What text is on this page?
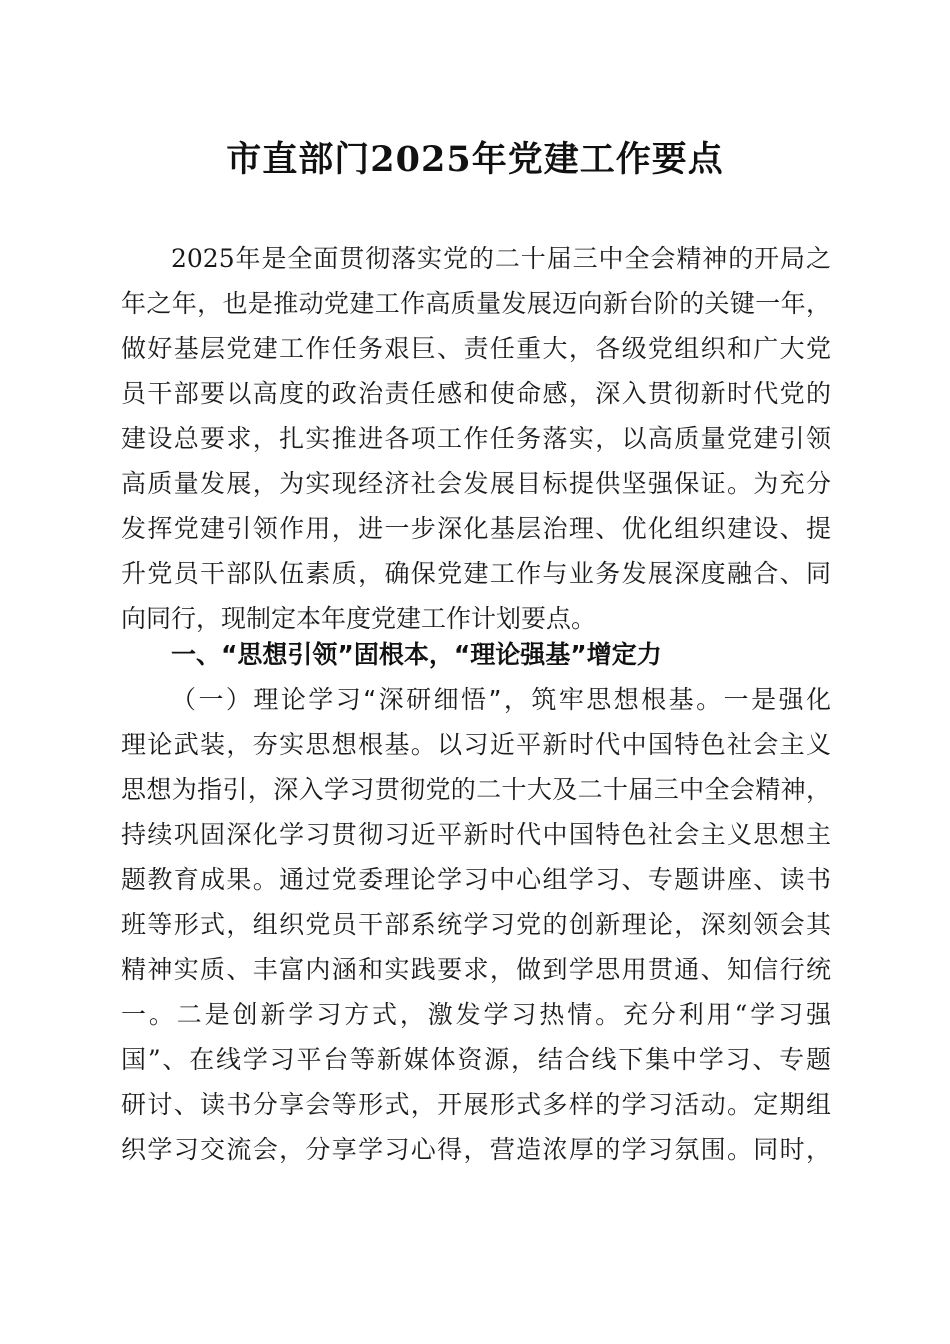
市直部门2025年党建工作要点
2025年是全面贯彻落实党的二十届三中全会精神的开局之
年之年，也是推动党建工作高质量发展迈向新台阶的关键一年，
做好基层党建工作任务艰巨、责任重大，各级党组织和广大党
员干部要以高度的政治责任感和使命感，深入贯彻新时代党的
建设总要求，扎实推进各项工作任务落实，以高质量党建引领
高质量发展，为实现经济社会发展目标提供坚强保证。为充分
发挥党建引领作用，进一步深化基层治理、优化组织建设、提
升党员干部队伍素质，确保党建工作与业务发展深度融合、同
向同行，现制定本年度党建工作计划要点。
一、“思想引领”固根本，“理论强基”增定力
（一）理论学习“深研细悟”，筑牢思想根基。一是强化
理论武装，夯实思想根基。以习近平新时代中国特色社会主义
思想为指引，深入学习贯彻党的二十大及二十届三中全会精神，
持续巩固深化学习贯彻习近平新时代中国特色社会主义思想主
题教育成果。通过党委理论学习中心组学习、专题讲座、读书
班等形式，组织党员干部系统学习党的创新理论，深刻领会其
精神实质、丰富内涵和实践要求，做到学思用贯通、知信行统
一。二是创新学习方式，激发学习热情。充分利用“学习强
国”、在线学习平台等新媒体资源，结合线下集中学习、专题
研讨、读书分享会等形式，开展形式多样的学习活动。定期组
织学习交流会，分享学习心得，营造浓厚的学习氛围。同时，
